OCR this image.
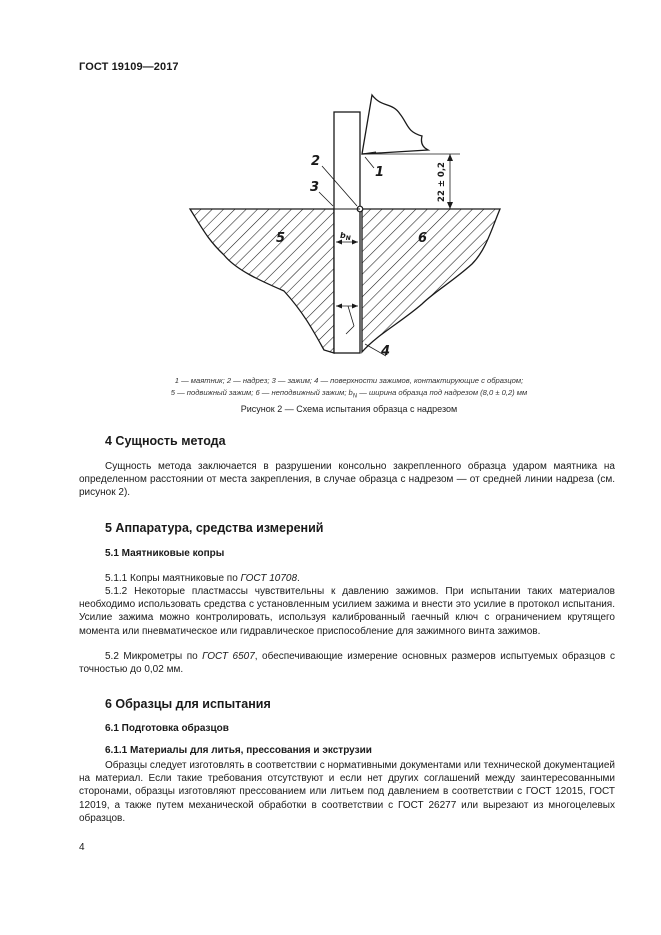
ГОСТ 19109—2017
22 ± 0,2
$b_N$
1
2
3
4
5	6
1 — маятник; 2 — надрез; 3 — зажим; 4 — поверхности зажимов, контактирующие с образцом;
5 — подвижный зажим; 6 — неподвижный зажим; $b_N$ — ширина образца под надрезом (8,0 ± 0,2) мм
Рисунок 2 — Схема испытания образца с надрезом
4 Сущность метода

Сущность метода заключается в разрушении консольно закрепленного образца ударом маятника на определенном расстоянии от места закрепления, в случае образца с надрезом — от средней линии надреза (см. рисунок 2).

5 Аппаратура, средства измерений
5.1 Маятниковые копры

5.1.1 Копры маятниковые по ГОСТ 10708.

5.1.2 Некоторые пластмассы чувствительны к давлению зажимов. При испытании таких материалов необходимо использовать средства с установленным усилием зажима и внести это усилие в протокол испытания. Усилие зажима можно контролировать, используя калиброванный гаечный ключ с ограничением крутящего момента или пневматическое или гидравлическое приспособление для зажимного винта зажимов.

5.2 Микрометры по ГОСТ 6507, обеспечивающие измерение основных размеров испытуемых образцов с точностью до 0,02 мм.

6 Образцы для испытания
6.1 Подготовка образцов
6.1.1 Материалы для литья, прессования и экструзии

Образцы следует изготовлять в соответствии с нормативными документами или технической документацией на материал. Если такие требования отсутствуют и если нет других соглашений между заинтересованными сторонами, образцы изготовляют прессованием или литьем под давлением в соответствии с ГОСТ 12015, ГОСТ 12019, а также путем механической обработки в соответствии с ГОСТ 26277 или вырезают из многоцелевых образцов.

4
